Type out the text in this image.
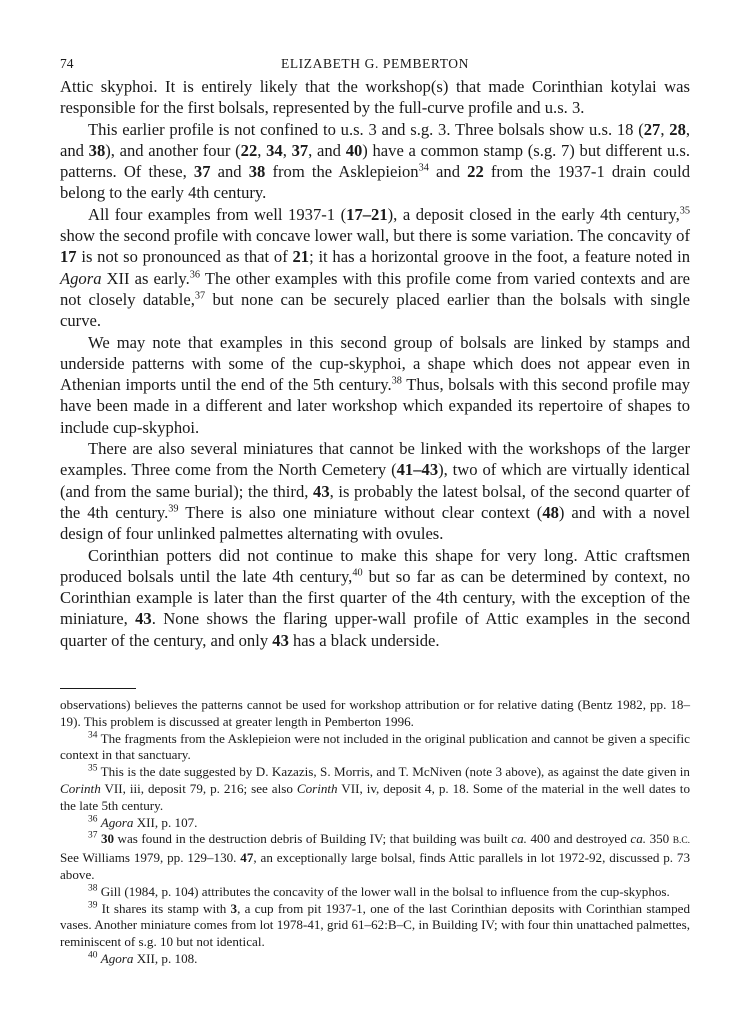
74	ELIZABETH G. PEMBERTON

Attic skyphoi. It is entirely likely that the workshop(s) that made Corinthian kotylai was responsible for the first bolsals, represented by the full-curve profile and u.s. 3.

This earlier profile is not confined to u.s. 3 and s.g. 3. Three bolsals show u.s. 18 (27, 28, and 38), and another four (22, 34, 37, and 40) have a common stamp (s.g. 7) but different u.s. patterns. Of these, 37 and 38 from the Asklepieion$^{34}$ and 22 from the 1937-1 drain could belong to the early 4th century.

All four examples from well 1937-1 (17–21), a deposit closed in the early 4th century,$^{35}$ show the second profile with concave lower wall, but there is some variation. The concavity of 17 is not so pronounced as that of 21; it has a horizontal groove in the foot, a feature noted in Agora XII as early.$^{36}$ The other examples with this profile come from varied contexts and are not closely datable,$^{37}$ but none can be securely placed earlier than the bolsals with single curve.

We may note that examples in this second group of bolsals are linked by stamps and underside patterns with some of the cup-skyphoi, a shape which does not appear even in Athenian imports until the end of the 5th century.$^{38}$ Thus, bolsals with this second profile may have been made in a different and later workshop which expanded its repertoire of shapes to include cup-skyphoi.

There are also several miniatures that cannot be linked with the workshops of the larger examples. Three come from the North Cemetery (41–43), two of which are virtually identical (and from the same burial); the third, 43, is probably the latest bolsal, of the second quarter of the 4th century.$^{39}$ There is also one miniature without clear context (48) and with a novel design of four unlinked palmettes alternating with ovules.

Corinthian potters did not continue to make this shape for very long. Attic craftsmen produced bolsals until the late 4th century,$^{40}$ but so far as can be determined by context, no Corinthian example is later than the first quarter of the 4th century, with the exception of the miniature, 43. None shows the flaring upper-wall profile of Attic examples in the second quarter of the century, and only 43 has a black underside.

observations) believes the patterns cannot be used for workshop attribution or for relative dating (Bentz 1982, pp. 18–19). This problem is discussed at greater length in Pemberton 1996.

$^{34}$ The fragments from the Asklepieion were not included in the original publication and cannot be given a specific context in that sanctuary.

$^{35}$ This is the date suggested by D. Kazazis, S. Morris, and T. McNiven (note 3 above), as against the date given in Corinth VII, iii, deposit 79, p. 216; see also Corinth VII, iv, deposit 4, p. 18. Some of the material in the well dates to the late 5th century.

$^{36}$ Agora XII, p. 107.

$^{37}$ 30 was found in the destruction debris of Building IV; that building was built ca. 400 and destroyed ca. 350 B.C. See Williams 1979, pp. 129–130. 47, an exceptionally large bolsal, finds Attic parallels in lot 1972-92, discussed p. 73 above.

$^{38}$ Gill (1984, p. 104) attributes the concavity of the lower wall in the bolsal to influence from the cup-skyphos.

$^{39}$ It shares its stamp with 3, a cup from pit 1937-1, one of the last Corinthian deposits with Corinthian stamped vases. Another miniature comes from lot 1978-41, grid 61–62:B–C, in Building IV; with four thin unattached palmettes, reminiscent of s.g. 10 but not identical.

$^{40}$ Agora XII, p. 108.
